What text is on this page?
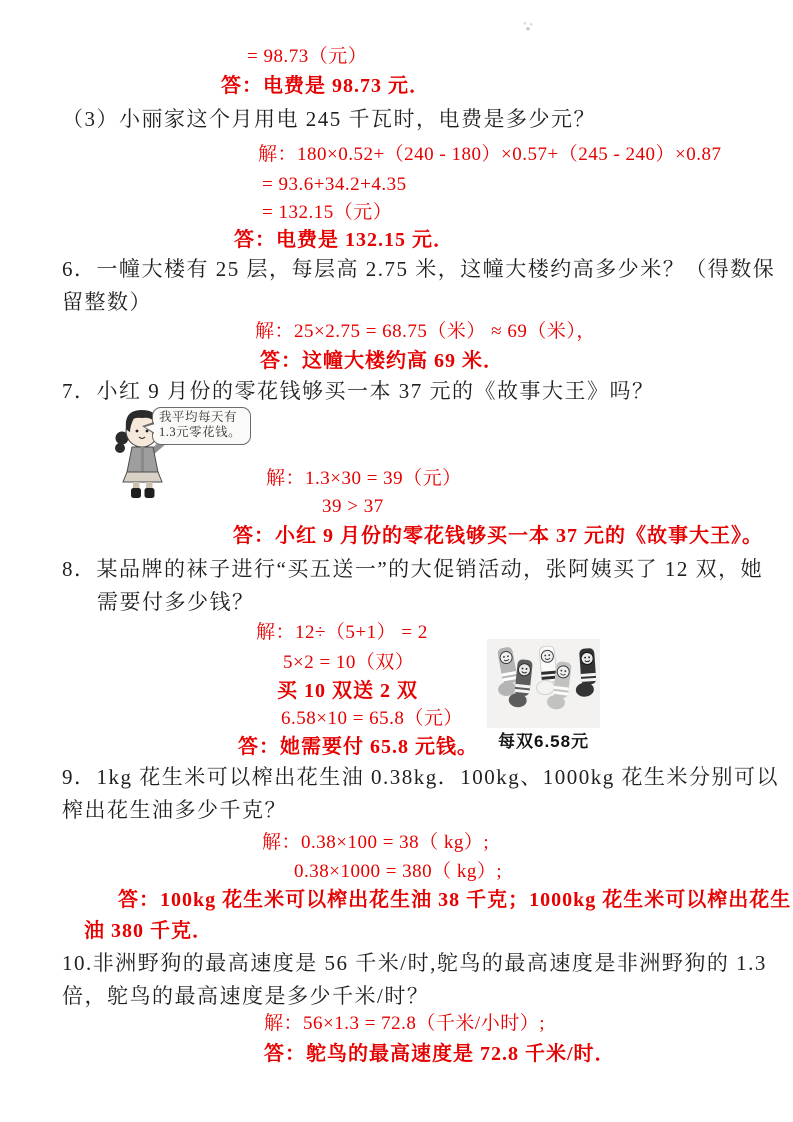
= 98.73（元）
答：电费是 98.73 元．
（3）小丽家这个月用电 245 千瓦时，电费是多少元？
解：180×0.52+（240 - 180）×0.57+（245 - 240）×0.87
= 93.6+34.2+4.35
= 132.15（元）
答：电费是 132.15 元．
6．一幢大楼有 25 层，每层高 2.75 米，这幢大楼约高多少米？（得数保
留整数）
解：25×2.75 = 68.75（米） ≈ 69（米），
答：这幢大楼约高 69 米．
7．小红 9 月份的零花钱够买一本 37 元的《故事大王》吗？
我平均每天有
1.3元零花钱。
解：1.3×30 = 39（元）
39 > 37
答：小红 9 月份的零花钱够买一本 37 元的《故事大王》。
8．某品牌的袜子进行“买五送一”的大促销活动，张阿姨买了 12 双，她
需要付多少钱？
解：12÷（5+1） = 2
5×2 = 10（双）
买 10 双送 2 双
6.58×10 = 65.8（元）
答：她需要付 65.8 元钱。 每双6.58元
9．1kg 花生米可以榨出花生油 0.38kg．100kg、1000kg 花生米分别可以
榨出花生油多少千克？
解：0.38×100 = 38（ kg）;
0.38×1000 = 380（ kg）;
答：100kg 花生米可以榨出花生油 38 千克；1000kg 花生米可以榨出花生
油 380 千克．
10.非洲野狗的最高速度是 56 千米/时,鸵鸟的最高速度是非洲野狗的 1.3
倍，鸵鸟的最高速度是多少千米/时？
解：56×1.3 = 72.8（千米/小时）;
答：鸵鸟的最高速度是 72.8 千米/时．
